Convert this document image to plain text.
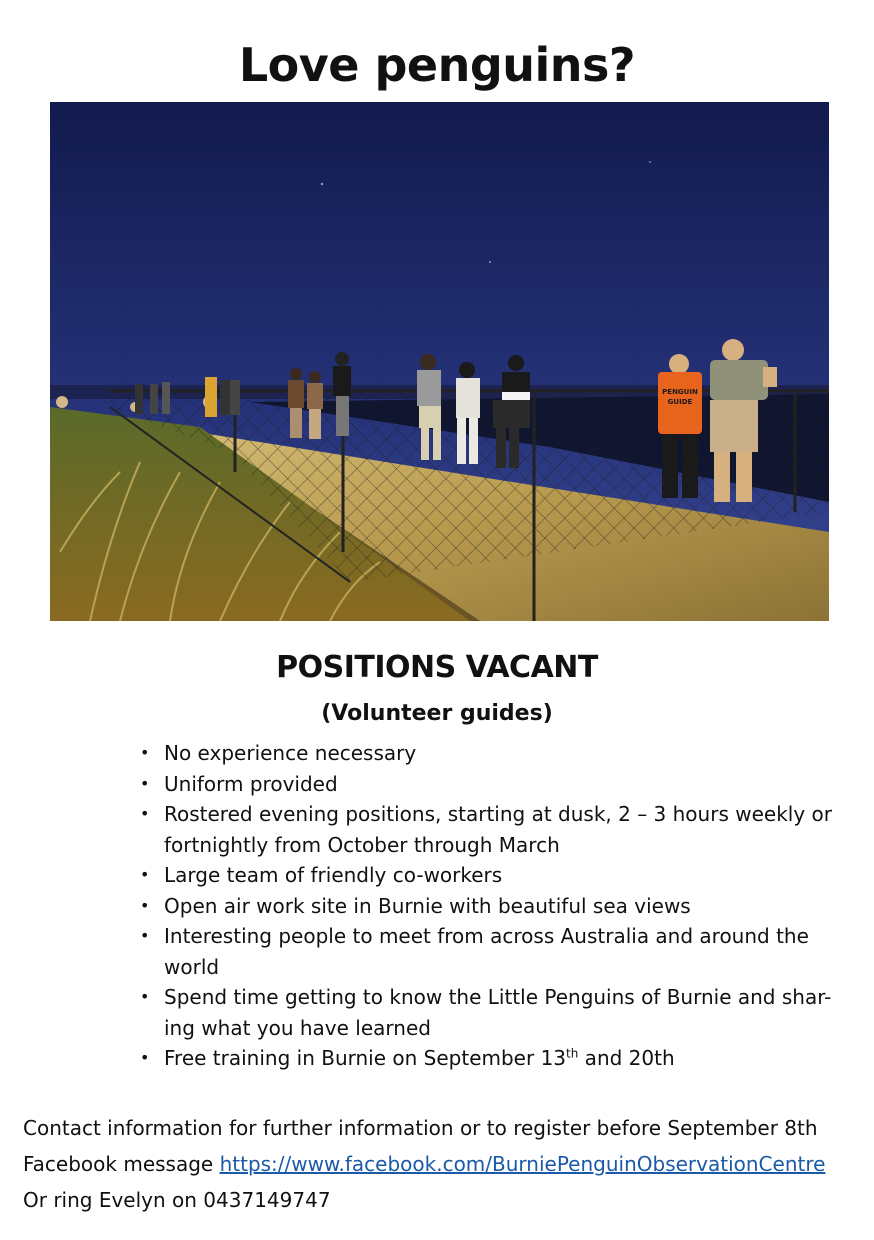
Love penguins?
PENGUIN
GUIDE
POSITIONS VACANT
(Volunteer guides)
• No experience necessary
• Uniform provided
• Rostered evening positions, starting at dusk, 2 – 3 hours weekly or fortnightly from October through March
• Large team of friendly co-workers
• Open air work site in Burnie with beautiful sea views
• Interesting people to meet from across Australia and around the world
• Spend time getting to know the Little Penguins of Burnie and shar-ing what you have learned
• Free training in Burnie on September 13th and 20th

Contact information for further information or to register before September 8th

Facebook message https://www.facebook.com/BurniePenguinObservationCentre

Or ring Evelyn on 0437149747
